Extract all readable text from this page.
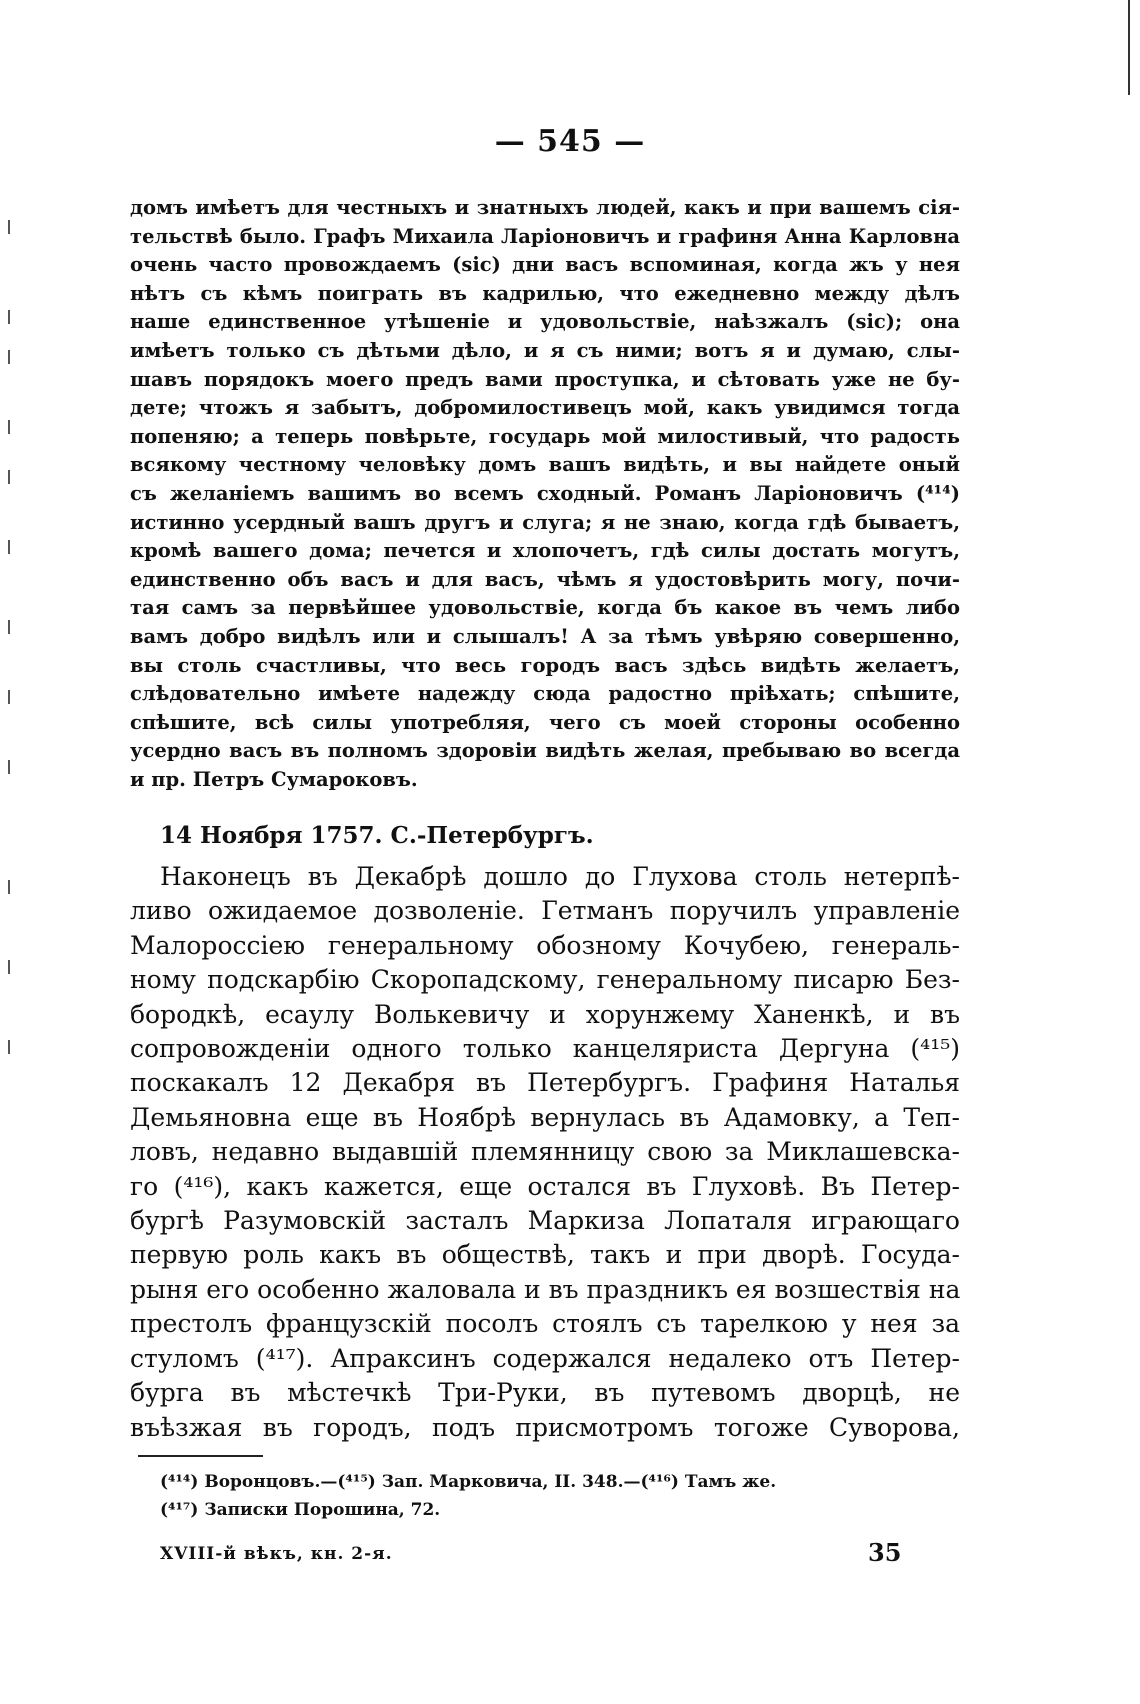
— 545 —
домъ имѣетъ для честныхъ и знатныхъ людей, какъ и при вашемъ сія-
тельствѣ было. Графъ Михаила Ларіоновичъ и графиня Анна Карловна
очень часто провождаемъ (sic) дни васъ вспоминая, когда жъ у нея
нѣтъ съ кѣмъ поиграть въ кадрилью, что ежедневно между дѣлъ
наше единственное утѣшеніе и удовольствіе, наѣзжалъ (sic); она
имѣетъ только съ дѣтьми дѣло, и я съ ними; вотъ я и думаю, слы-
шавъ порядокъ моего предъ вами проступка, и сѣтовать уже не бу-
дете; чтожъ я забытъ, добромилостивецъ мой, какъ увидимся тогда
попеняю; а теперь повѣрьте, государь мой милостивый, что радость
всякому честному человѣку домъ вашъ видѣть, и вы найдете оный
съ желаніемъ вашимъ во всемъ сходный. Романъ Ларіоновичъ (⁴¹⁴)
истинно усердный вашъ другъ и слуга; я не знаю, когда гдѣ бываетъ,
кромѣ вашего дома; печется и хлопочетъ, гдѣ силы достать могутъ,
единственно объ васъ и для васъ, чѣмъ я удостовѣрить могу, почи-
тая самъ за первѣйшее удовольствіе, когда бъ какое въ чемъ либо
вамъ добро видѣлъ или и слышалъ! А за тѣмъ увѣряю совершенно,
вы столь счастливы, что весь городъ васъ здѣсь видѣть желаетъ,
слѣдовательно имѣете надежду сюда радостно пріѣхать; спѣшите,
спѣшите, всѣ силы употребляя, чего съ моей стороны особенно
усердно васъ въ полномъ здоровіи видѣть желая, пребываю во всегда
и пр. Петръ Сумароковъ.
14 Ноября 1757. С.-Петербургъ.
Наконецъ въ Декабрѣ дошло до Глухова столь нетерпѣ-
ливо ожидаемое дозволеніе. Гетманъ поручилъ управленіе
Малороссіею генеральному обозному Кочубею, генераль-
ному подскарбію Скоропадскому, генеральному писарю Без-
бородкѣ, есаулу Волькевичу и хорунжему Ханенкѣ, и въ
сопровожденіи одного только канцеляриста Дергуна (⁴¹⁵)
поскакалъ 12 Декабря въ Петербургъ. Графиня Наталья
Демьяновна еще въ Ноябрѣ вернулась въ Адамовку, а Теп-
ловъ, недавно выдавшій племянницу свою за Миклашевска-
го (⁴¹⁶), какъ кажется, еще остался въ Глуховѣ. Въ Петер-
бургѣ Разумовскій засталъ Маркиза Лопаталя играющаго
первую роль какъ въ обществѣ, такъ и при дворѣ. Госуда-
рыня его особенно жаловала и въ праздникъ ея возшествія на
престолъ французскій посолъ стоялъ съ тарелкою у нея за
стуломъ (⁴¹⁷). Апраксинъ содержался недалеко отъ Петер-
бурга въ мѣстечкѣ Три-Руки, въ путевомъ дворцѣ, не
въѣзжая въ городъ, подъ присмотромъ тогоже Суворова,
(⁴¹⁴) Воронцовъ.—(⁴¹⁵) Зап. Марковича, II. 348.—(⁴¹⁶) Тамъ же.
(⁴¹⁷) Записки Порошина, 72.
XVIII-й вѣкъ, кн. 2-я.	35
